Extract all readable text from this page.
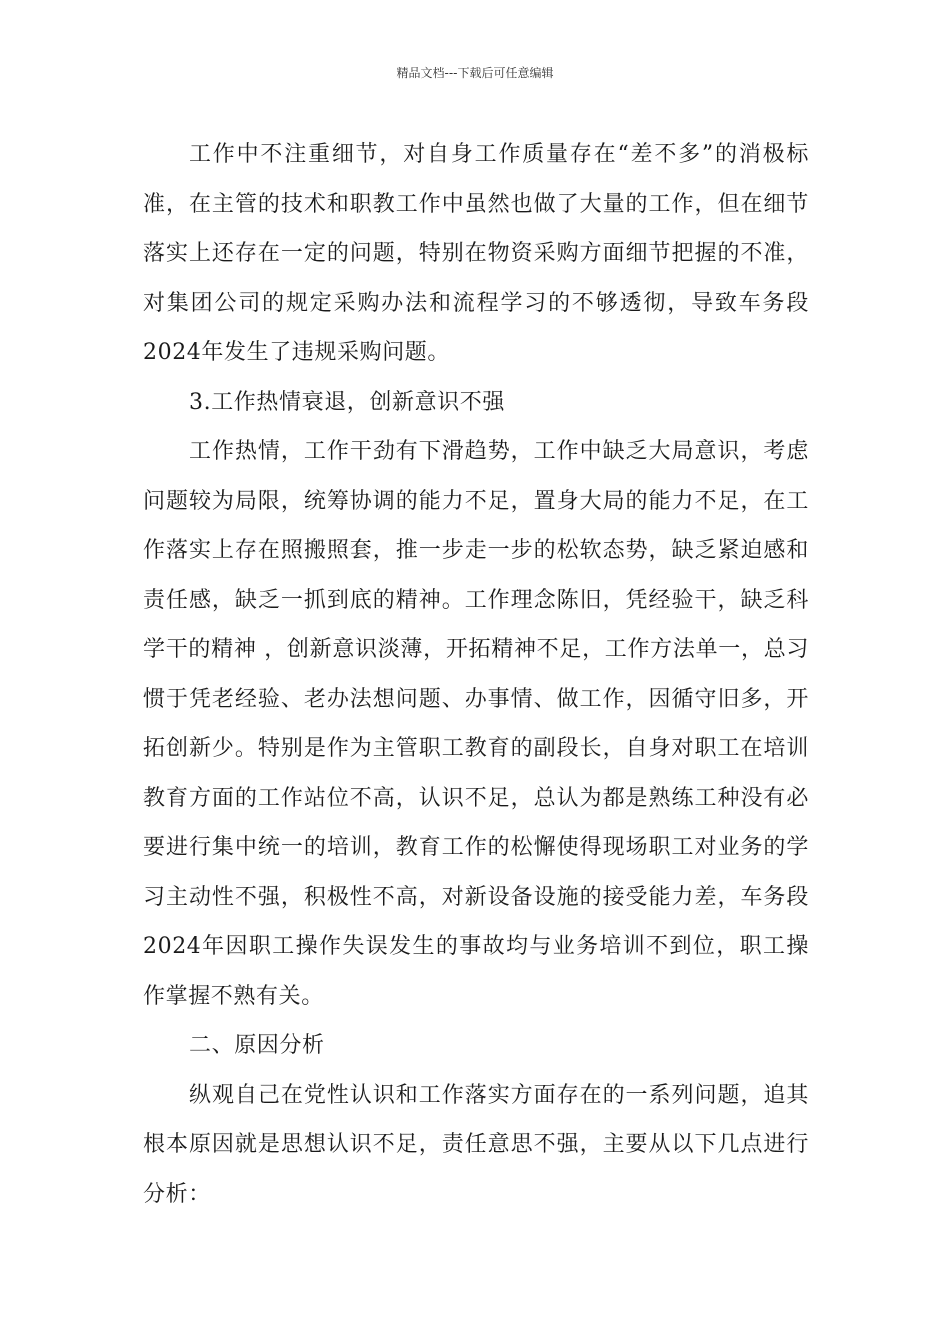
精品文档---下载后可任意编辑

工作中不注重细节，对自身工作质量存在“差不多”的消极标准，在主管的技术和职教工作中虽然也做了大量的工作，但在细节落实上还存在一定的问题，特别在物资采购方面细节把握的不准，对集团公司的规定采购办法和流程学习的不够透彻，导致车务段2024年发生了违规采购问题。

3.工作热情衰退，创新意识不强

工作热情，工作干劲有下滑趋势，工作中缺乏大局意识，考虑问题较为局限，统筹协调的能力不足，置身大局的能力不足，在工作落实上存在照搬照套，推一步走一步的松软态势，缺乏紧迫感和责任感，缺乏一抓到底的精神。工作理念陈旧，凭经验干，缺乏科学干的精神 ，创新意识淡薄，开拓精神不足，工作方法单一，总习惯于凭老经验、老办法想问题、办事情、做工作，因循守旧多，开拓创新少。特别是作为主管职工教育的副段长，自身对职工在培训教育方面的工作站位不高，认识不足，总认为都是熟练工种没有必要进行集中统一的培训，教育工作的松懈使得现场职工对业务的学习主动性不强，积极性不高，对新设备设施的接受能力差，车务段2024年因职工操作失误发生的事故均与业务培训不到位，职工操作掌握不熟有关。

二、原因分析

纵观自己在党性认识和工作落实方面存在的一系列问题，追其根本原因就是思想认识不足，责任意思不强，主要从以下几点进行分析：
